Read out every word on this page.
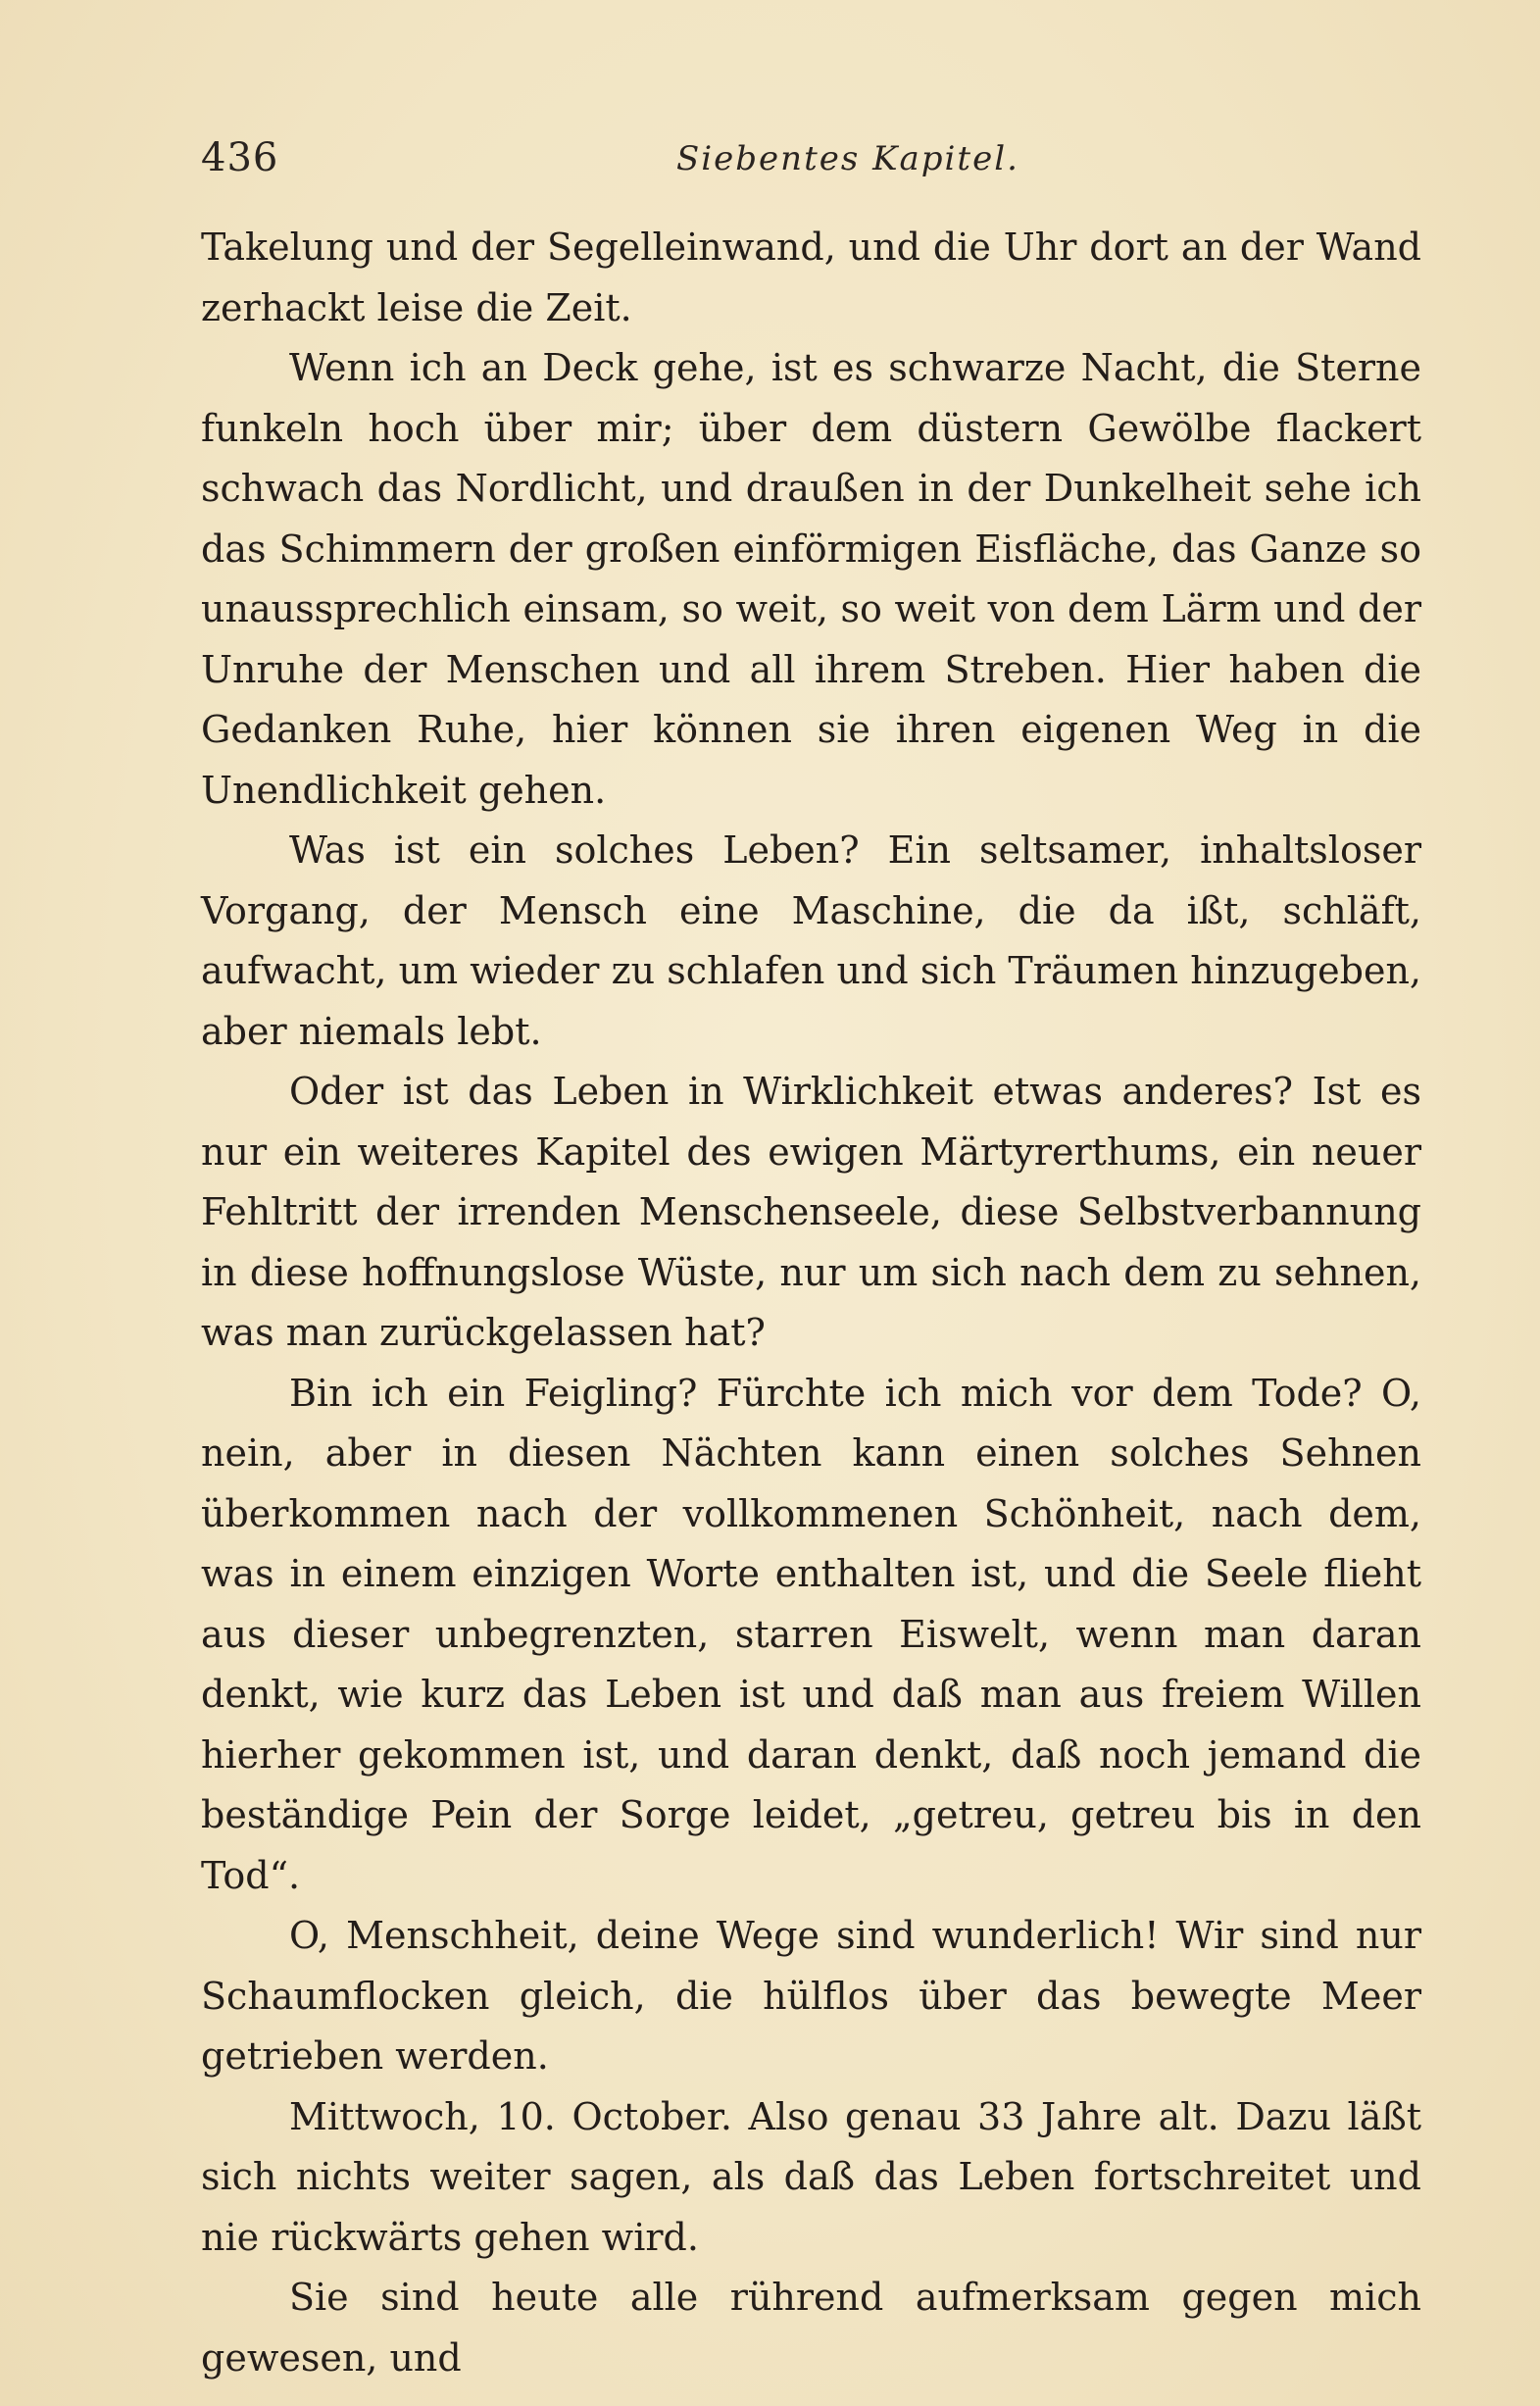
436	Siebentes Kapitel.

Takelung und der Segelleinwand, und die Uhr dort an der Wand zerhackt leise die Zeit.

Wenn ich an Deck gehe, ist es schwarze Nacht, die Sterne funkeln hoch über mir; über dem düstern Gewölbe flackert schwach das Nordlicht, und draußen in der Dunkelheit sehe ich das Schimmern der großen einförmigen Eisfläche, das Ganze so unaussprechlich einsam, so weit, so weit von dem Lärm und der Unruhe der Menschen und all ihrem Streben. Hier haben die Gedanken Ruhe, hier können sie ihren eigenen Weg in die Unendlichkeit gehen.

Was ist ein solches Leben? Ein seltsamer, inhaltsloser Vorgang, der Mensch eine Maschine, die da ißt, schläft, aufwacht, um wieder zu schlafen und sich Träumen hinzugeben, aber niemals lebt.

Oder ist das Leben in Wirklichkeit etwas anderes? Ist es nur ein weiteres Kapitel des ewigen Märtyrerthums, ein neuer Fehltritt der irrenden Menschenseele, diese Selbstverbannung in diese hoffnungslose Wüste, nur um sich nach dem zu sehnen, was man zurückgelassen hat?

Bin ich ein Feigling? Fürchte ich mich vor dem Tode? O, nein, aber in diesen Nächten kann einen solches Sehnen überkommen nach der vollkommenen Schönheit, nach dem, was in einem einzigen Worte enthalten ist, und die Seele flieht aus dieser unbegrenzten, starren Eiswelt, wenn man daran denkt, wie kurz das Leben ist und daß man aus freiem Willen hierher gekommen ist, und daran denkt, daß noch jemand die beständige Pein der Sorge leidet, „getreu, getreu bis in den Tod“.

O, Menschheit, deine Wege sind wunderlich! Wir sind nur Schaumflocken gleich, die hülflos über das bewegte Meer getrieben werden.

Mittwoch, 10. October. Also genau 33 Jahre alt. Dazu läßt sich nichts weiter sagen, als daß das Leben fortschreitet und nie rückwärts gehen wird.

Sie sind heute alle rührend aufmerksam gegen mich gewesen, und
